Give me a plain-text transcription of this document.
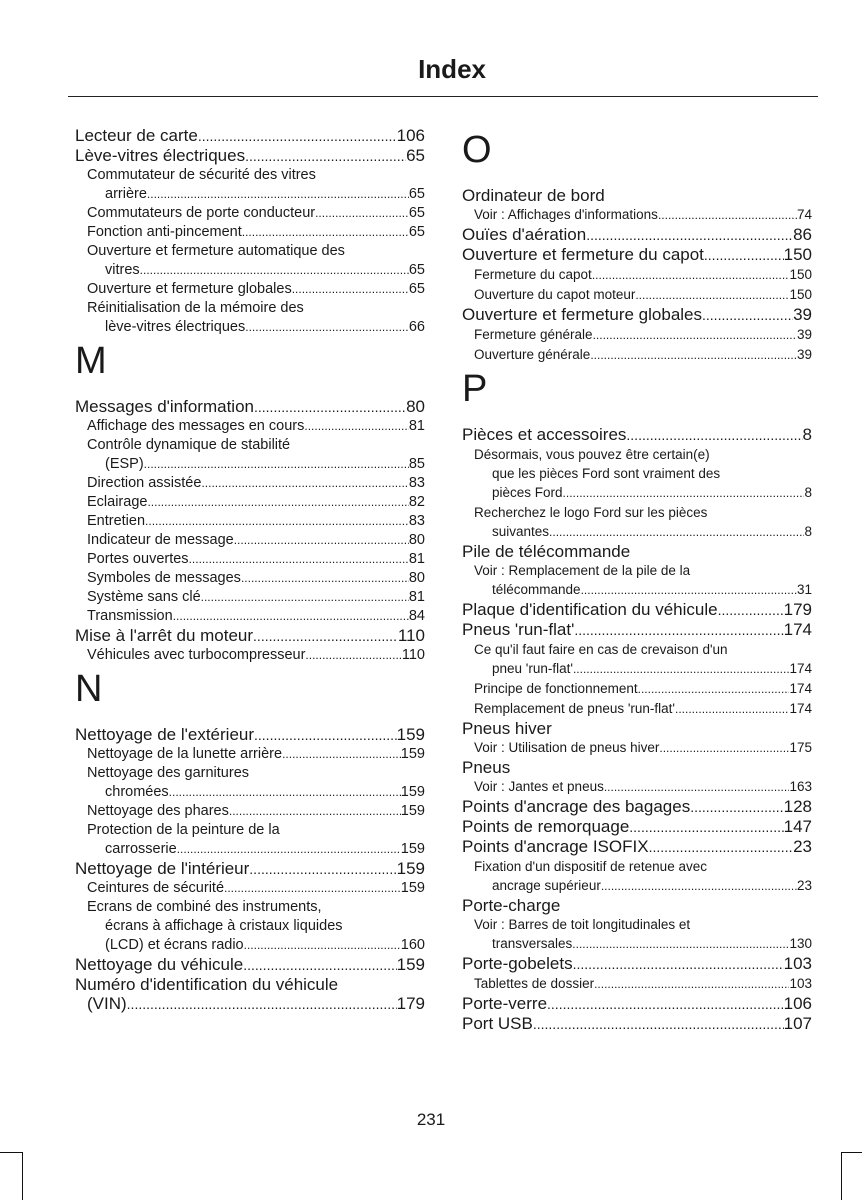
Index
Lecteur de carte .....	106
Lève-vitres électriques .....	65
Commutateur de sécurité des vitres
arrière .....	65
Commutateurs de porte conducteur .....	65
Fonction anti-pincement .....	65
Ouverture et fermeture automatique des
vitres .....	65
Ouverture et fermeture globales .....	65
Réinitialisation de la mémoire des
lève-vitres électriques .....	66
M
Messages d'information .....	80
Affichage des messages en cours .....	81
Contrôle dynamique de stabilité
(ESP) .....	85
Direction assistée .....	83
Eclairage .....	82
Entretien .....	83
Indicateur de message .....	80
Portes ouvertes .....	81
Symboles de messages .....	80
Système sans clé .....	81
Transmission .....	84
Mise à l'arrêt du moteur .....	110
Véhicules avec turbocompresseur .....	110
N
Nettoyage de l'extérieur .....	159
Nettoyage de la lunette arrière .....	159
Nettoyage des garnitures
chromées .....	159
Nettoyage des phares .....	159
Protection de la peinture de la
carrosserie .....	159
Nettoyage de l'intérieur .....	159
Ceintures de sécurité .....	159
Ecrans de combiné des instruments,
écrans à affichage à cristaux liquides
(LCD) et écrans radio .....	160
Nettoyage du véhicule .....	159
Numéro d'identification du véhicule
(VIN) .....	179
O
Ordinateur de bord
Voir : Affichages d'informations .....	74
Ouïes d'aération .....	86
Ouverture et fermeture du capot .....	150
Fermeture du capot .....	150
Ouverture du capot moteur .....	150
Ouverture et fermeture globales .....	39
Fermeture générale .....	39
Ouverture générale .....	39
P
Pièces et accessoires .....	8
Désormais, vous pouvez être certain(e)
que les pièces Ford sont vraiment des
pièces Ford .....	8
Recherchez le logo Ford sur les pièces
suivantes .....	8
Pile de télécommande
Voir : Remplacement de la pile de la
télécommande .....	31
Plaque d'identification du véhicule .....	179
Pneus 'run-flat' .....	174
Ce qu'il faut faire en cas de crevaison d'un
pneu 'run-flat' .....	174
Principe de fonctionnement .....	174
Remplacement de pneus 'run-flat' .....	174
Pneus hiver
Voir : Utilisation de pneus hiver .....	175
Pneus
Voir : Jantes et pneus .....	163
Points d'ancrage des bagages .....	128
Points de remorquage .....	147
Points d'ancrage ISOFIX .....	23
Fixation d'un dispositif de retenue avec
ancrage supérieur .....	23
Porte-charge
Voir : Barres de toit longitudinales et
transversales .....	130
Porte-gobelets .....	103
Tablettes de dossier .....	103
Porte-verre .....	106
Port USB .....	107
231
